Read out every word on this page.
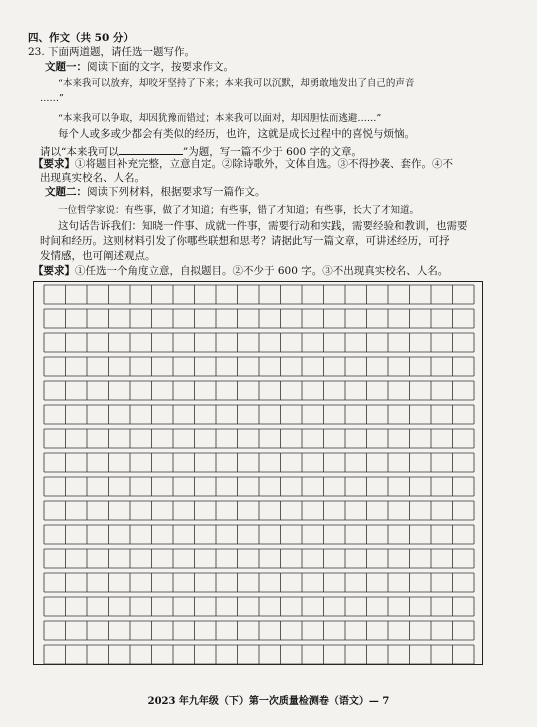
四、作文（共 50 分）
23. 下面两道题，请任选一题写作。
文题一：阅读下面的文字，按要求作文。
“本来我可以放弃，却咬牙坚持了下来；本来我可以沉默，却勇敢地发出了自己的声音
……”
“本来我可以争取，却因犹豫而错过；本来我可以面对，却因胆怯而逃避……”
每个人或多或少都会有类似的经历，也许，这就是成长过程中的喜悦与烦恼。
请以“本来我可以	”为题，写一篇不少于 600 字的文章。
【要求】①将题目补充完整，立意自定。②除诗歌外，文体自选。③不得抄袭、套作。④不
出现真实校名、人名。
文题二：阅读下列材料，根据要求写一篇作文。
一位哲学家说：有些事，做了才知道；有些事，错了才知道；有些事，长大了才知道。
这句话告诉我们：知晓一件事、成就一件事，需要行动和实践，需要经验和教训，也需要
时间和经历。这则材料引发了你哪些联想和思考？请据此写一篇文章，可讲述经历，可抒
发情感，也可阐述观点。
【要求】①任选一个角度立意，自拟题目。②不少于 600 字。③不出现真实校名、人名。
2023 年九年级（下）第一次质量检测卷（语文）— 7
